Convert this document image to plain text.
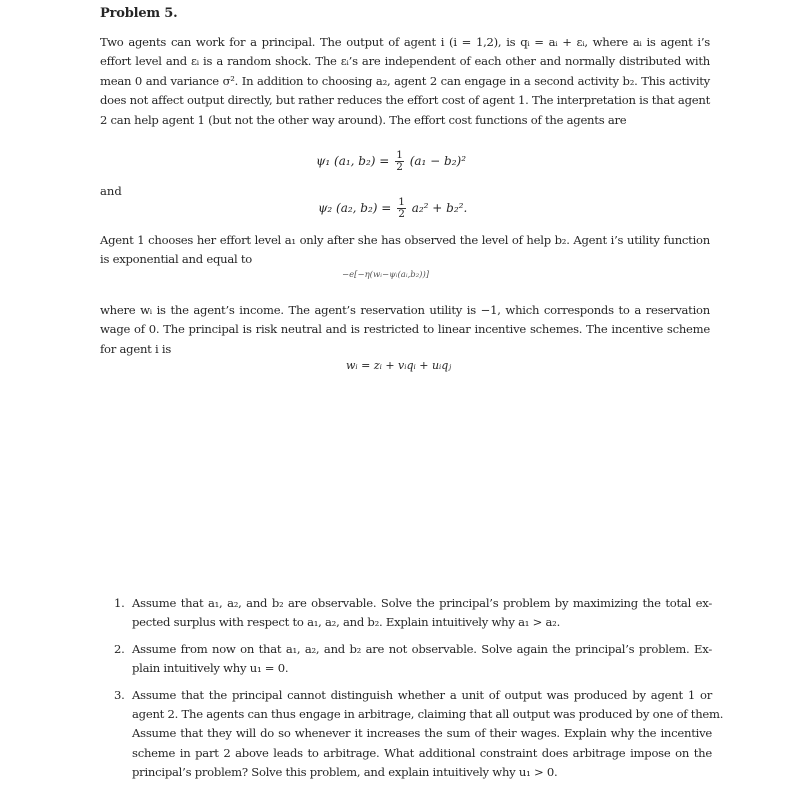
Problem 5.
Two agents can work for a principal. The output of agent i (i = 1,2), is qᵢ = aᵢ + εᵢ, where aᵢ is agent i’s
effort level and εᵢ is a random shock. The εᵢ’s are independent of each other and normally distributed with
mean 0 and variance σ². In addition to choosing a₂, agent 2 can engage in a second activity b₂. This activity
does not affect output directly, but rather reduces the effort cost of agent 1. The interpretation is that agent
2 can help agent 1 (but not the other way around). The effort cost functions of the agents are
ψ₁ (a₁, $b_2) = \frac{1}{2} (a_1 - b_2)^2$
and
ψ₂ (a₂, $b_2) = \frac{1}{2} a_2^2 + b_2^2$.
Agent 1 chooses her effort level a₁ only after she has observed the level of help b₂. Agent i’s utility function
is exponential and equal to
−e[−η(wᵢ−ψᵢ(aᵢ,b₂))]
where wᵢ is the agent’s income. The agent’s reservation utility is −1, which corresponds to a reservation
wage of 0. The principal is risk neutral and is restricted to linear incentive schemes. The incentive scheme
for agent i is
wᵢ = zᵢ + vᵢqᵢ + uᵢqⱼ
1. Assume that a₁, a₂, and b₂ are observable. Solve the principal’s problem by maximizing the total ex-
pected surplus with respect to a₁, a₂, and b₂. Explain intuitively why a₁ > a₂.
2. Assume from now on that a₁, a₂, and b₂ are not observable. Solve again the principal’s problem. Ex-
plain intuitively why u₁ = 0.
3. Assume that the principal cannot distinguish whether a unit of output was produced by agent 1 or
agent 2. The agents can thus engage in arbitrage, claiming that all output was produced by one of them.
Assume that they will do so whenever it increases the sum of their wages. Explain why the incentive
scheme in part 2 above leads to arbitrage. What additional constraint does arbitrage impose on the
principal’s problem? Solve this problem, and explain intuitively why u₁ > 0.
